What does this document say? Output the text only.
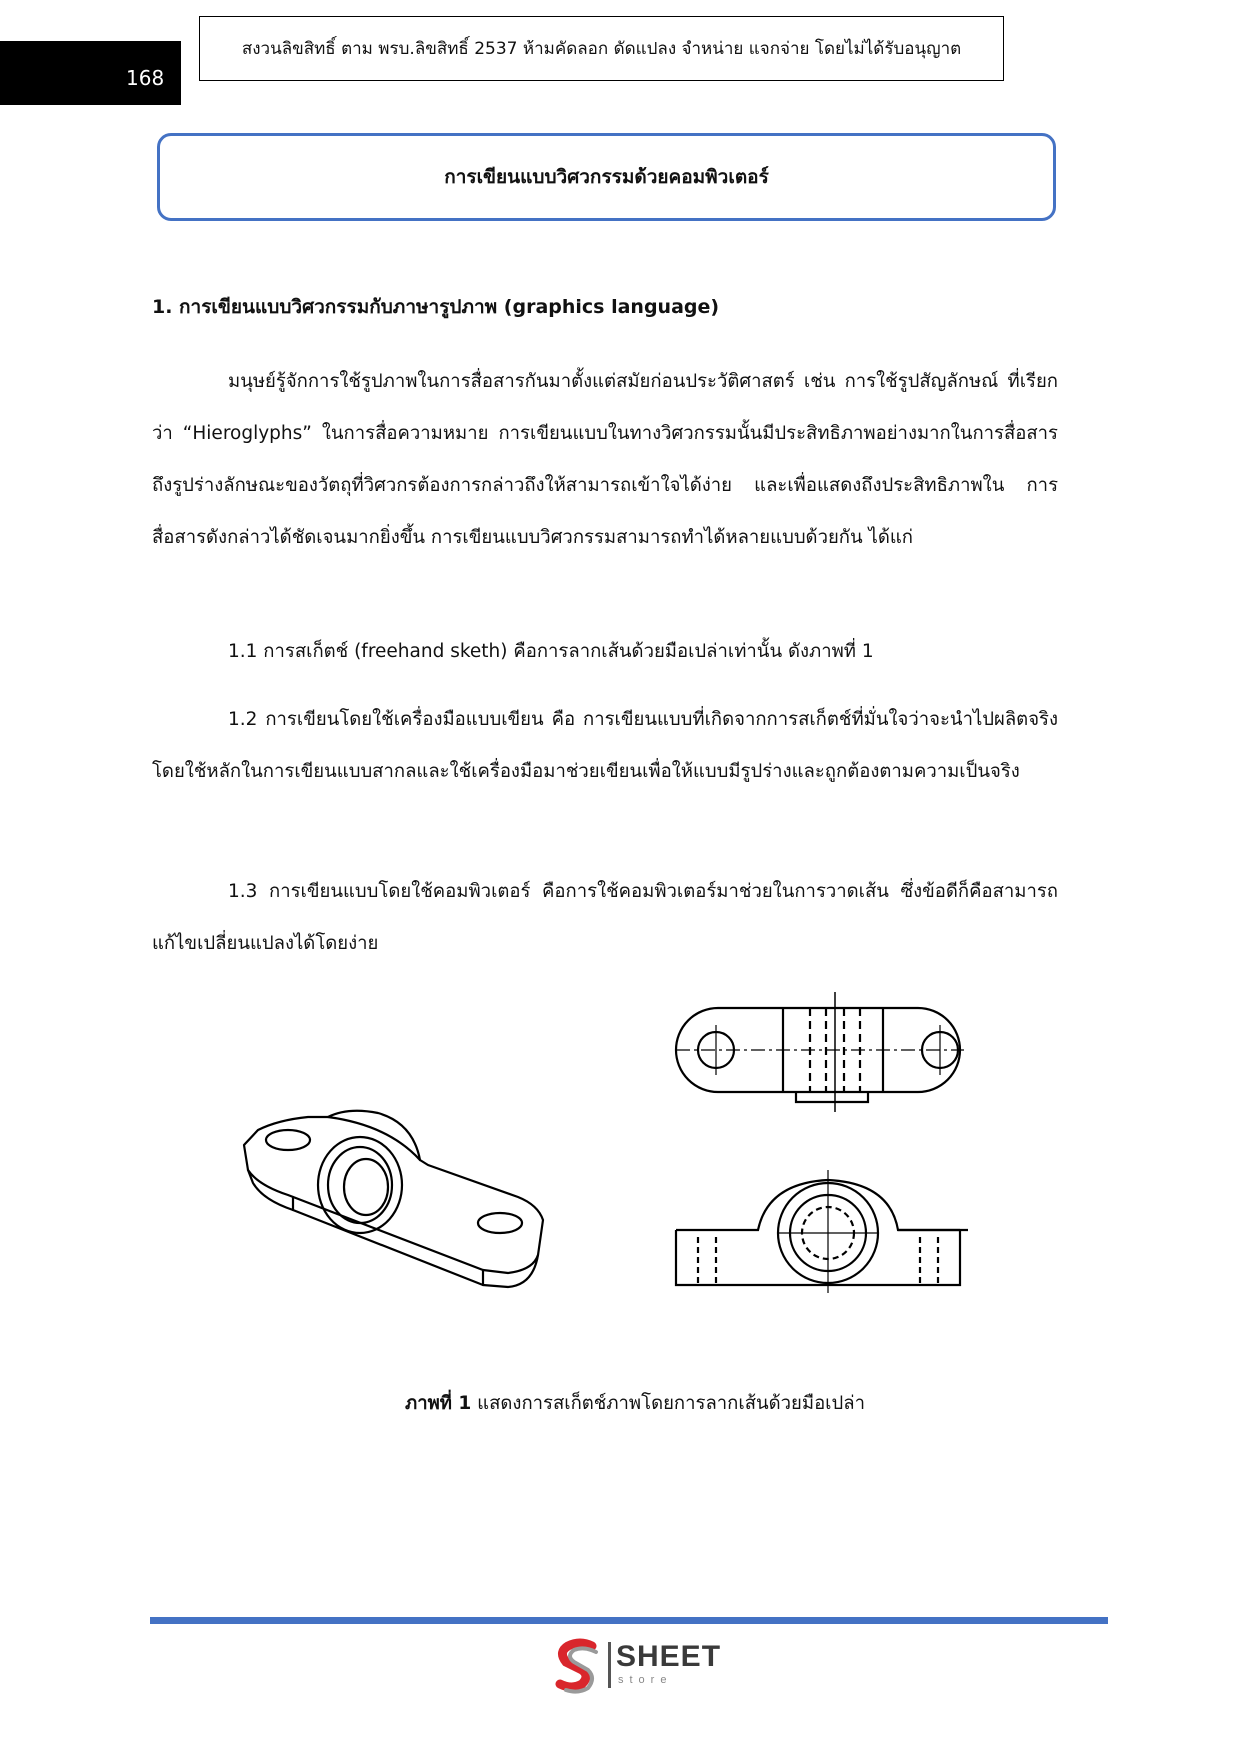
168
สงวนลิขสิทธิ์ ตาม พรบ.ลิขสิทธิ์ 2537 ห้ามคัดลอก ดัดแปลง จำหน่าย แจกจ่าย โดยไม่ได้รับอนุญาต
การเขียนแบบวิศวกรรมด้วยคอมพิวเตอร์
1. การเขียนแบบวิศวกรรมกับภาษารูปภาพ (graphics language)

มนุษย์รู้จักการใช้รูปภาพในการสื่อสารกันมาตั้งแต่สมัยก่อนประวัติศาสตร์ เช่น การใช้รูปสัญลักษณ์ ที่เรียกว่า “Hieroglyphs” ในการสื่อความหมาย การเขียนแบบในทางวิศวกรรมนั้นมีประสิทธิภาพอย่างมากในการสื่อสารถึงรูปร่างลักษณะของวัตถุที่วิศวกรต้องการกล่าวถึงให้สามารถเข้าใจได้ง่าย และเพื่อแสดงถึงประสิทธิภาพใน การสื่อสารดังกล่าวได้ชัดเจนมากยิ่งขึ้น การเขียนแบบวิศวกรรมสามารถทำได้หลายแบบด้วยกัน ได้แก่

1.1 การสเก็ตช์ (freehand sketh) คือการลากเส้นด้วยมือเปล่าเท่านั้น ดังภาพที่ 1

1.2 การเขียนโดยใช้เครื่องมือแบบเขียน คือ การเขียนแบบที่เกิดจากการสเก็ตช์ที่มั่นใจว่าจะนำไปผลิตจริง โดยใช้หลักในการเขียนแบบสากลและใช้เครื่องมือมาช่วยเขียนเพื่อให้แบบมีรูปร่างและถูกต้องตามความเป็นจริง

1.3 การเขียนแบบโดยใช้คอมพิวเตอร์ คือการใช้คอมพิวเตอร์มาช่วยในการวาดเส้น ซึ่งข้อดีก็คือสามารถแก้ไขเปลี่ยนแปลงได้โดยง่าย

ภาพที่ 1 แสดงการสเก็ตช์ภาพโดยการลากเส้นด้วยมือเปล่า
SHEET
store
